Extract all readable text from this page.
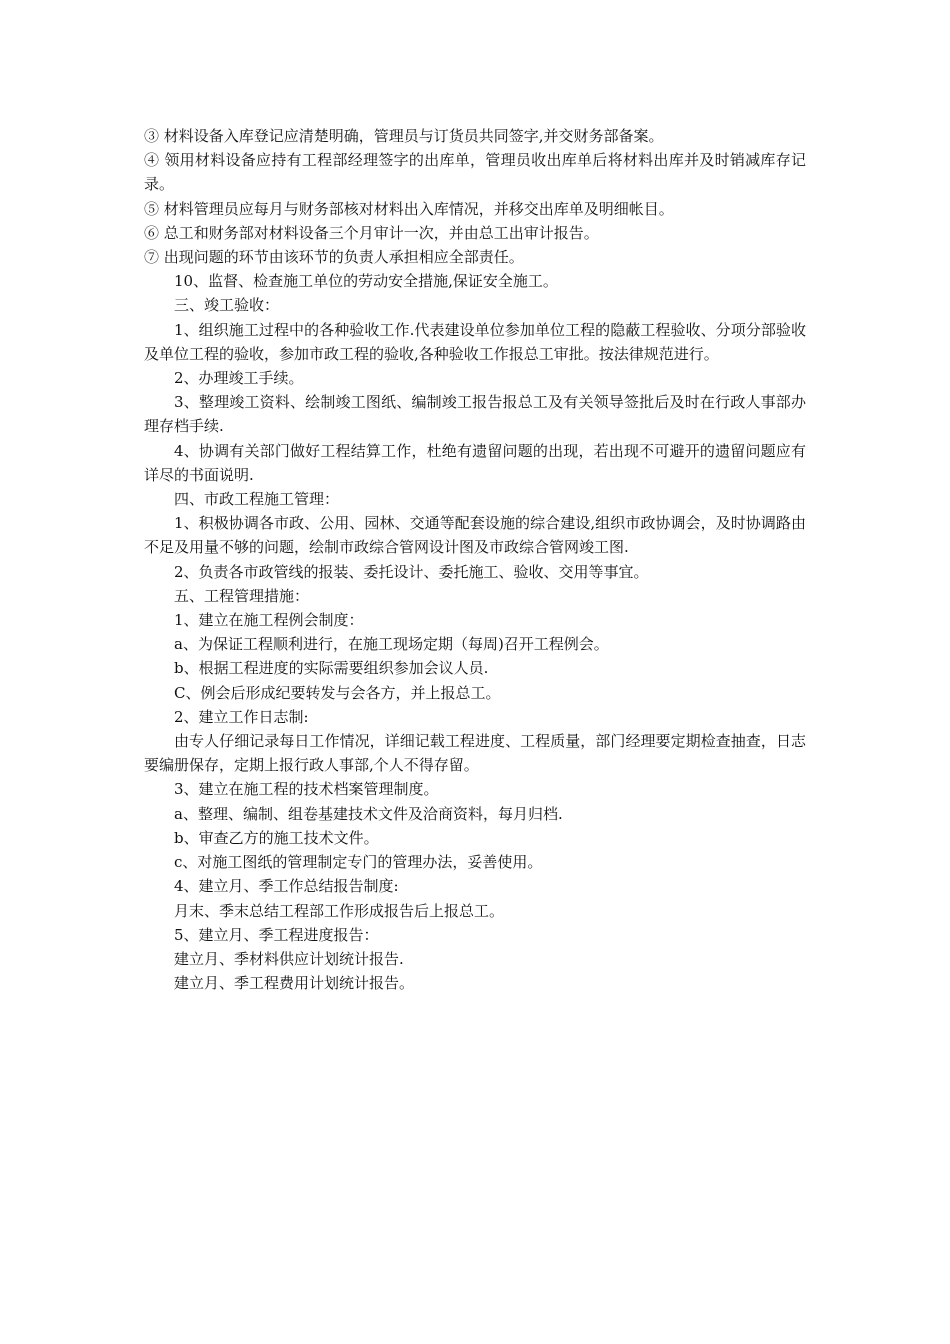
③ 材料设备入库登记应清楚明确，管理员与订货员共同签字,并交财务部备案。

④ 领用材料设备应持有工程部经理签字的出库单，管理员收出库单后将材料出库并及时销减库存记录。

⑤ 材料管理员应每月与财务部核对材料出入库情况，并移交出库单及明细帐目。

⑥ 总工和财务部对材料设备三个月审计一次，并由总工出审计报告。

⑦ 出现问题的环节由该环节的负责人承担相应全部责任。

10、监督、检查施工单位的劳动安全措施,保证安全施工。

三、竣工验收：

1、组织施工过程中的各种验收工作.代表建设单位参加单位工程的隐蔽工程验收、分项分部验收及单位工程的验收，参加市政工程的验收,各种验收工作报总工审批。按法律规范进行。

2、办理竣工手续。

3、整理竣工资料、绘制竣工图纸、编制竣工报告报总工及有关领导签批后及时在行政人事部办理存档手续.

4、协调有关部门做好工程结算工作，杜绝有遗留问题的出现，若出现不可避开的遗留问题应有详尽的书面说明.

四、市政工程施工管理：

1、积极协调各市政、公用、园林、交通等配套设施的综合建设,组织市政协调会，及时协调路由不足及用量不够的问题，绘制市政综合管网设计图及市政综合管网竣工图.

2、负责各市政管线的报装、委托设计、委托施工、验收、交用等事宜。

五、工程管理措施：

1、建立在施工程例会制度：

a、为保证工程顺利进行，在施工现场定期（每周)召开工程例会。

b、根据工程进度的实际需要组织参加会议人员.

C、例会后形成纪要转发与会各方，并上报总工。

2、建立工作日志制:

由专人仔细记录每日工作情况，详细记载工程进度、工程质量，部门经理要定期检查抽查，日志要编册保存，定期上报行政人事部,个人不得存留。

3、建立在施工程的技术档案管理制度。

a、整理、编制、组卷基建技术文件及洽商资料，每月归档.

b、审查乙方的施工技术文件。

c、对施工图纸的管理制定专门的管理办法，妥善使用。

4、建立月、季工作总结报告制度:

月末、季末总结工程部工作形成报告后上报总工。

5、建立月、季工程进度报告：

建立月、季材料供应计划统计报告.

建立月、季工程费用计划统计报告。
